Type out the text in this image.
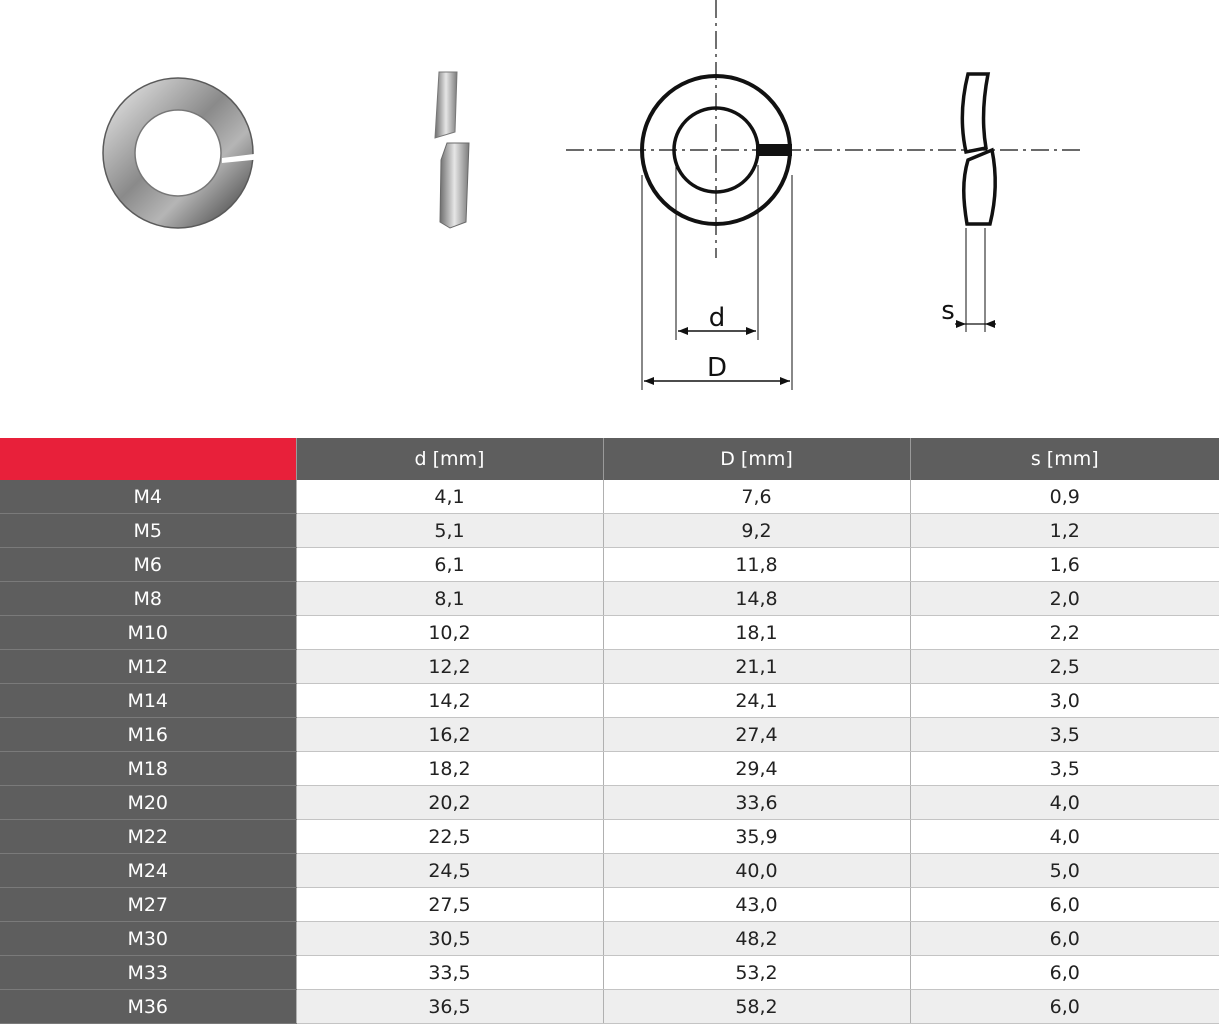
d
D
s
	d [mm]	D [mm]	s [mm]
M4	4,1	7,6	0,9
M5	5,1	9,2	1,2
M6	6,1	11,8	1,6
M8	8,1	14,8	2,0
M10	10,2	18,1	2,2
M12	12,2	21,1	2,5
M14	14,2	24,1	3,0
M16	16,2	27,4	3,5
M18	18,2	29,4	3,5
M20	20,2	33,6	4,0
M22	22,5	35,9	4,0
M24	24,5	40,0	5,0
M27	27,5	43,0	6,0
M30	30,5	48,2	6,0
M33	33,5	53,2	6,0
M36	36,5	58,2	6,0
